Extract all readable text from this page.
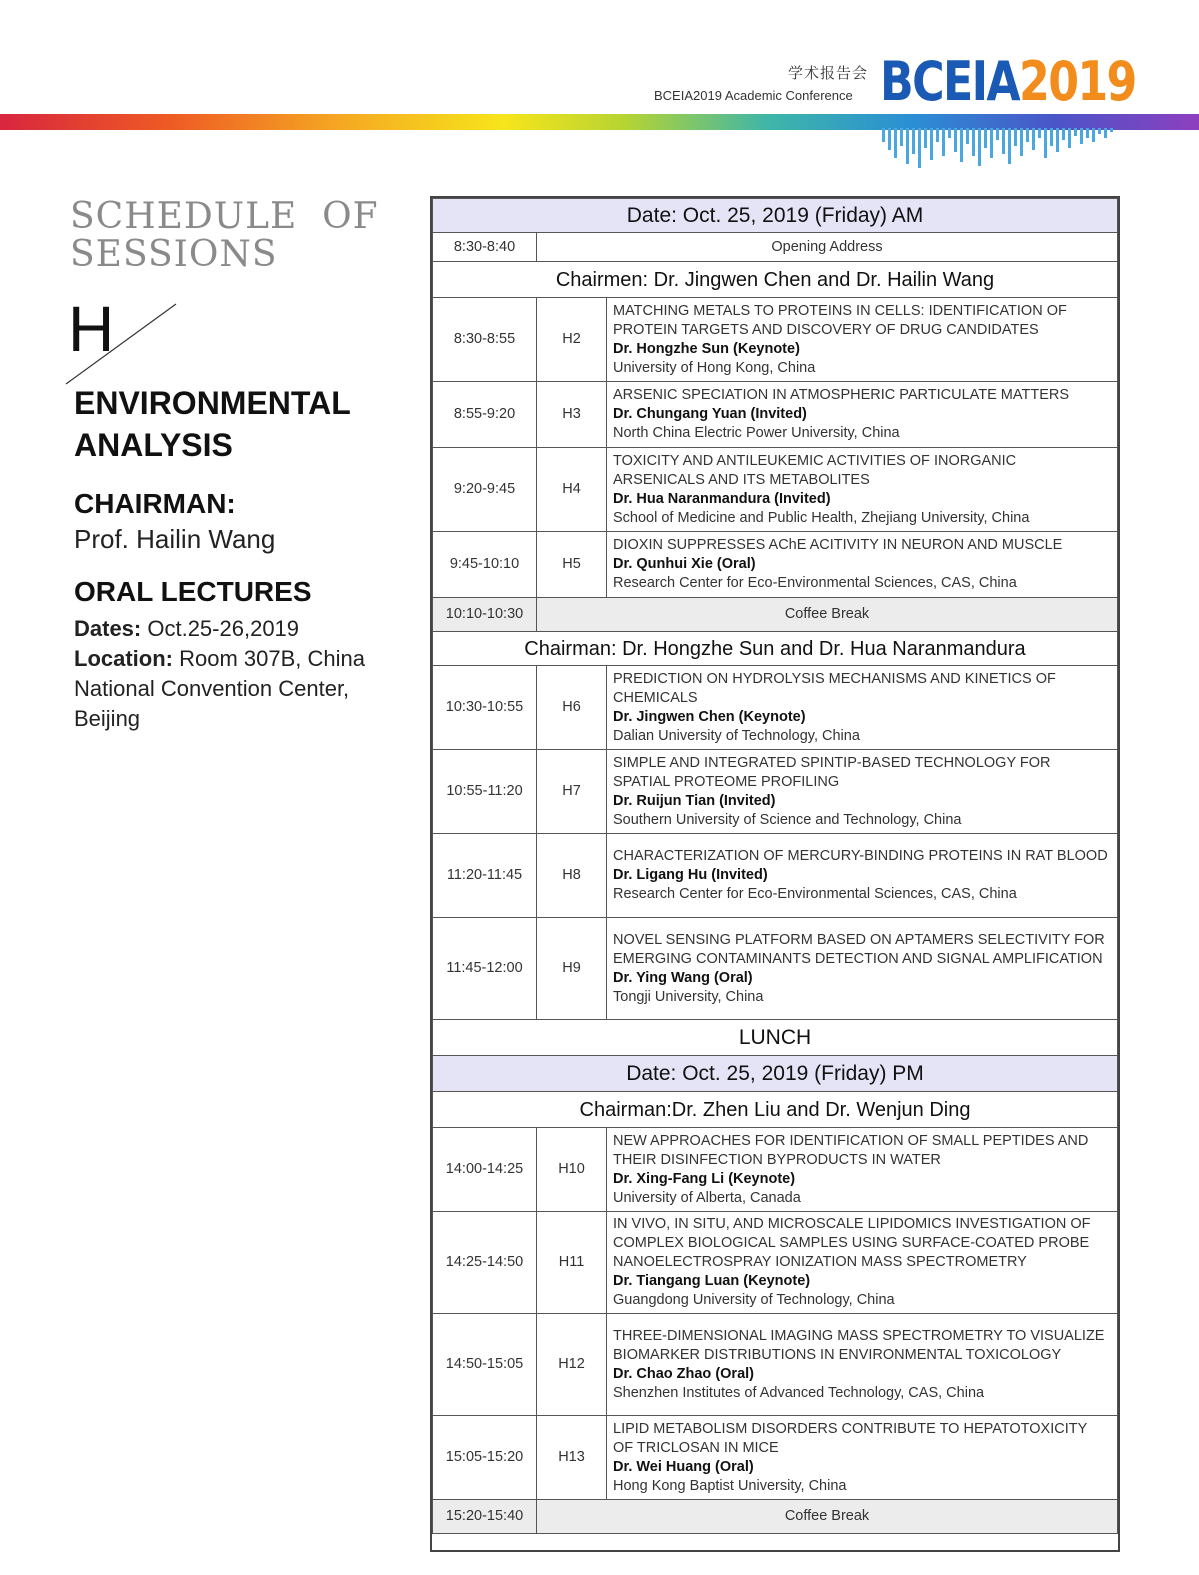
学术报告会
BCEIA2019 Academic Conference BCEIA2019
SCHEDULE  OF
SESSIONS
H
ENVIRONMENTAL
ANALYSIS
CHAIRMAN:
Prof. Hailin Wang
ORAL LECTURES
Dates: Oct.25-26,2019
Location: Room 307B, China National Convention Center, Beijing
Date: Oct. 25, 2019 (Friday) AM		
8:30-8:40	Opening Address	
Chairmen: Dr. Jingwen Chen and Dr. Hailin Wang		
8:30-8:55	H2	MATCHING METALS TO PROTEINS IN CELLS: IDENTIFICATION OF PROTEIN TARGETS AND DISCOVERY OF DRUG CANDIDATES
Dr. Hongzhe Sun (Keynote)
University of Hong Kong, China

8:55-9:20	H3	ARSENIC SPECIATION IN ATMOSPHERIC PARTICULATE MATTERS
Dr. Chungang Yuan (Invited)
North China Electric Power University, China

9:20-9:45	H4	TOXICITY AND ANTILEUKEMIC ACTIVITIES OF INORGANIC ARSENICALS AND ITS METABOLITES
Dr. Hua Naranmandura (Invited)
School of Medicine and Public Health, Zhejiang University, China

9:45-10:10	H5	DIOXIN SUPPRESSES AChE ACITIVITY IN NEURON AND MUSCLE
Dr. Qunhui Xie (Oral)
Research Center for Eco-Environmental Sciences, CAS, China

10:10-10:30	Coffee Break	
Chairman: Dr. Hongzhe Sun and Dr. Hua Naranmandura		
10:30-10:55	H6	PREDICTION ON HYDROLYSIS MECHANISMS AND KINETICS OF CHEMICALS
Dr. Jingwen Chen (Keynote)
Dalian University of Technology, China

10:55-11:20	H7	SIMPLE AND INTEGRATED SPINTIP-BASED TECHNOLOGY FOR SPATIAL PROTEOME PROFILING
Dr. Ruijun Tian (Invited)
Southern University of Science and Technology, China

11:20-11:45	H8	CHARACTERIZATION OF MERCURY-BINDING PROTEINS IN RAT BLOOD
Dr. Ligang Hu (Invited)
Research Center for Eco-Environmental Sciences, CAS, China

11:45-12:00	H9	NOVEL SENSING PLATFORM BASED ON APTAMERS SELECTIVITY FOR EMERGING CONTAMINANTS DETECTION AND SIGNAL AMPLIFICATION
Dr. Ying Wang (Oral)
Tongji University, China

LUNCH		
Date: Oct. 25, 2019 (Friday) PM		
Chairman:Dr. Zhen Liu and Dr. Wenjun Ding		
14:00-14:25	H10	NEW APPROACHES FOR IDENTIFICATION OF SMALL PEPTIDES AND THEIR DISINFECTION BYPRODUCTS IN WATER
Dr. Xing-Fang Li (Keynote)
University of Alberta, Canada

14:25-14:50	H11	IN VIVO, IN SITU, AND MICROSCALE LIPIDOMICS INVESTIGATION OF COMPLEX BIOLOGICAL SAMPLES USING SURFACE-COATED PROBE NANOELECTROSPRAY IONIZATION MASS SPECTROMETRY
Dr. Tiangang Luan (Keynote)
Guangdong University of Technology, China

14:50-15:05	H12	THREE-DIMENSIONAL IMAGING MASS SPECTROMETRY TO VISUALIZE BIOMARKER DISTRIBUTIONS IN ENVIRONMENTAL TOXICOLOGY
Dr. Chao Zhao (Oral)
Shenzhen Institutes of Advanced Technology, CAS, China

15:05-15:20	H13	LIPID METABOLISM DISORDERS CONTRIBUTE TO HEPATOTOXICITY OF TRICLOSAN IN MICE
Dr. Wei Huang (Oral)
Hong Kong Baptist University, China

15:20-15:40	Coffee Break	
